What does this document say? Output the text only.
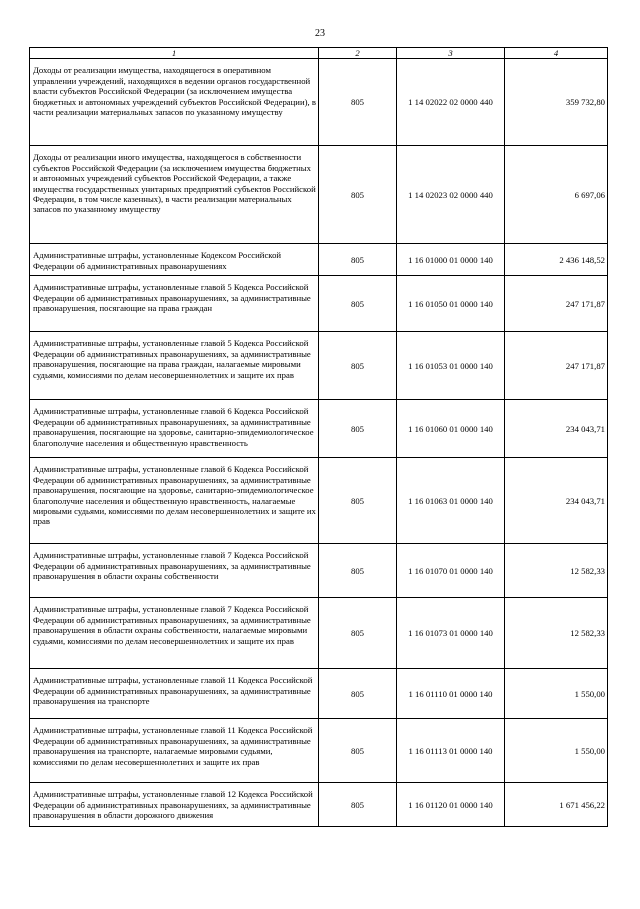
23
1	2	3	4
Доходы от реализации имущества, находящегося в оперативном управлении учреждений, находящихся в ведении органов государственной власти субъектов Российской Федерации (за исключением имущества бюджетных и автономных учреждений субъектов Российской Федерации), в части реализации материальных запасов по указанному имуществу	805	1 14 02022 02 0000 440	359 732,80
Доходы от реализации иного имущества, находящегося в собственности субъектов Российской Федерации (за исключением имущества бюджетных и автономных учреждений субъектов Российской Федерации, а также имущества государственных унитарных предприятий субъектов Российской Федерации, в том числе казенных), в части реализации материальных запасов по указанному имуществу	805	1 14 02023 02 0000 440	6 697,06
Административные штрафы, установленные Кодексом Российской Федерации об административных правонарушениях	805	1 16 01000 01 0000 140	2 436 148,52
Административные штрафы, установленные главой 5 Кодекса Российской Федерации об административных правонарушениях, за административные правонарушения, посягающие на права граждан	805	1 16 01050 01 0000 140	247 171,87
Административные штрафы, установленные главой 5 Кодекса Российской Федерации об административных правонарушениях, за административные правонарушения, посягающие на права граждан, налагаемые мировыми судьями, комиссиями по делам несовершеннолетних и защите их прав	805	1 16 01053 01 0000 140	247 171,87
Административные штрафы, установленные главой 6 Кодекса Российской Федерации об административных правонарушениях, за административные правонарушения, посягающие на здоровье, санитарно-эпидемиологическое благополучие населения и общественную нравственность	805	1 16 01060 01 0000 140	234 043,71
Административные штрафы, установленные главой 6 Кодекса Российской Федерации об административных правонарушениях, за административные правонарушения, посягающие на здоровье, санитарно-эпидемиологическое благополучие населения и общественную нравственность, налагаемые мировыми судьями, комиссиями по делам несовершеннолетних и защите их прав	805	1 16 01063 01 0000 140	234 043,71
Административные штрафы, установленные главой 7 Кодекса Российской Федерации об административных правонарушениях, за административные правонарушения в области охраны собственности	805	1 16 01070 01 0000 140	12 582,33
Административные штрафы, установленные главой 7 Кодекса Российской Федерации об административных правонарушениях, за административные правонарушения в области охраны собственности, налагаемые мировыми судьями, комиссиями по делам несовершеннолетних и защите их прав	805	1 16 01073 01 0000 140	12 582,33
Административные штрафы, установленные главой 11 Кодекса Российской Федерации об административных правонарушениях, за административные правонарушения на транспорте	805	1 16 01110 01 0000 140	1 550,00
Административные штрафы, установленные главой 11 Кодекса Российской Федерации об административных правонарушениях, за административные правонарушения на транспорте, налагаемые мировыми судьями, комиссиями по делам несовершеннолетних и защите их прав	805	1 16 01113 01 0000 140	1 550,00
Административные штрафы, установленные главой 12 Кодекса Российской Федерации об административных правонарушениях, за административные правонарушения в области дорожного движения	805	1 16 01120 01 0000 140	1 671 456,22
